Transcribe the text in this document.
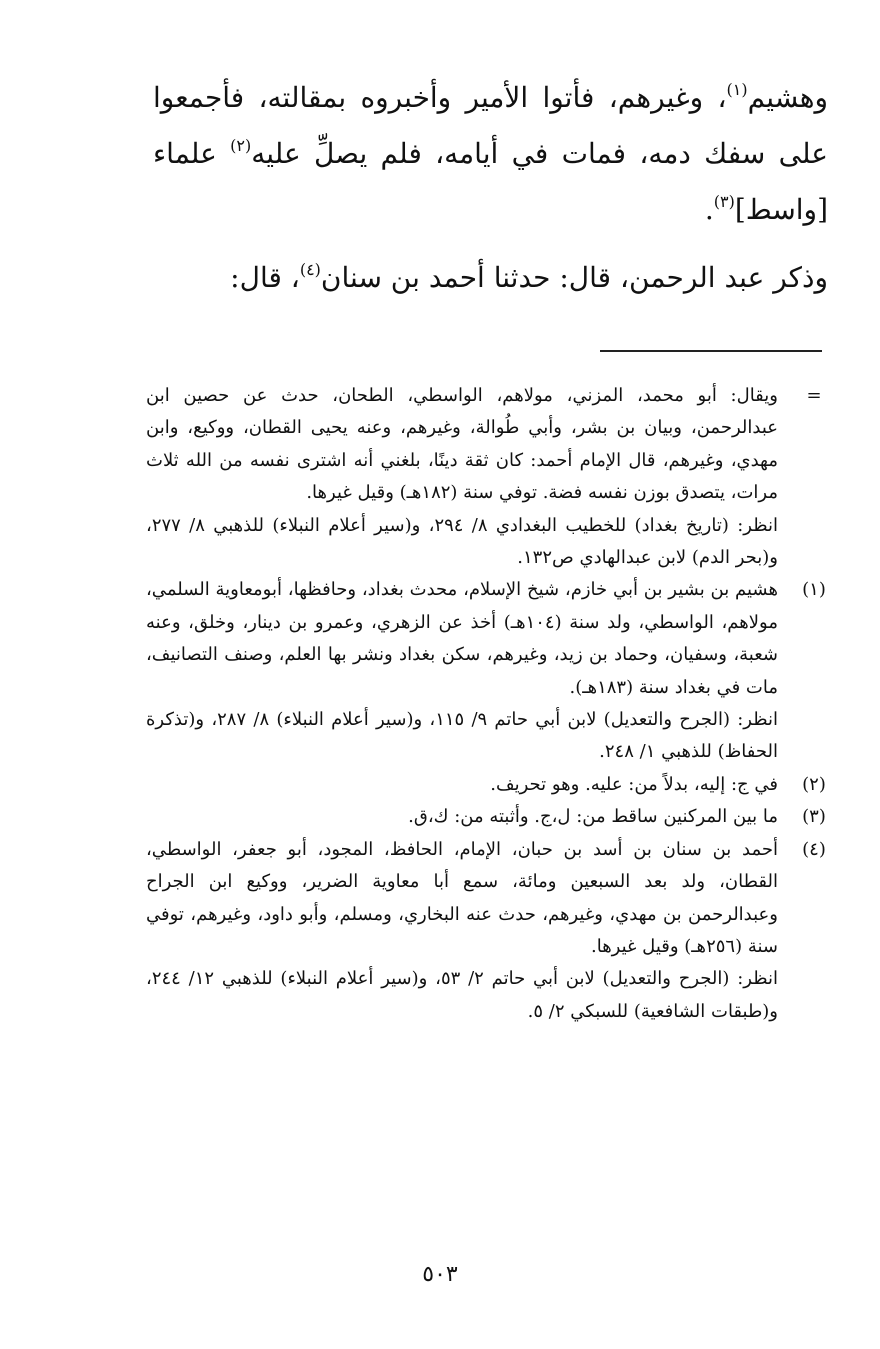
وهشيم$^{(١)}$، وغيرهم، فأتوا الأمير وأخبروه بمقالته، فأجمعوا على سفك دمه، فمات في أيامه، فلم يصلِّ عليه$^{(٢)}$ علماء [واسط]$^{(٣)}$.

وذكر عبد الرحمن، قال: حدثنا أحمد بن سنان$^{(٤)}$، قال:

=

ويقال: أبو محمد، المزني، مولاهم، الواسطي، الطحان، حدث عن حصين ابن عبدالرحمن، وبيان بن بشر، وأبي طُوالة، وغيرهم، وعنه يحيى القطان، ووكيع، وابن مهدي، وغيرهم، قال الإمام أحمد: كان ثقة دينًا، بلغني أنه اشترى نفسه من الله ثلاث مرات، يتصدق بوزن نفسه فضة. توفي سنة (١٨٢هـ) وقيل غيرها.

انظر: (تاريخ بغداد) للخطيب البغدادي ٨/ ٢٩٤، و(سير أعلام النبلاء) للذهبي ٨/ ٢٧٧، و(بحر الدم) لابن عبدالهادي ص١٣٢.

(١)

هشيم بن بشير بن أبي خازم، شيخ الإسلام، محدث بغداد، وحافظها، أبومعاوية السلمي، مولاهم، الواسطي، ولد سنة (١٠٤هـ) أخذ عن الزهري، وعمرو بن دينار، وخلق، وعنه شعبة، وسفيان، وحماد بن زيد، وغيرهم، سكن بغداد ونشر بها العلم، وصنف التصانيف، مات في بغداد سنة (١٨٣هـ).

انظر: (الجرح والتعديل) لابن أبي حاتم ٩/ ١١٥، و(سير أعلام النبلاء) ٨/ ٢٨٧، و(تذكرة الحفاظ) للذهبي ١/ ٢٤٨.

(٢)

في ج: إليه، بدلاً من: عليه. وهو تحريف.

(٣)

ما بين المركنين ساقط من: ل،ج. وأثبته من: ك،ق.

(٤)

أحمد بن سنان بن أسد بن حبان، الإمام، الحافظ، المجود، أبو جعفر، الواسطي، القطان، ولد بعد السبعين ومائة، سمع أبا معاوية الضرير، ووكيع ابن الجراح وعبدالرحمن بن مهدي، وغيرهم، حدث عنه البخاري، ومسلم، وأبو داود، وغيرهم، توفي سنة (٢٥٦هـ) وقيل غيرها.

انظر: (الجرح والتعديل) لابن أبي حاتم ٢/ ٥٣، و(سير أعلام النبلاء) للذهبي ١٢/ ٢٤٤، و(طبقات الشافعية) للسبكي ٢/ ٥.

٥٠٣
